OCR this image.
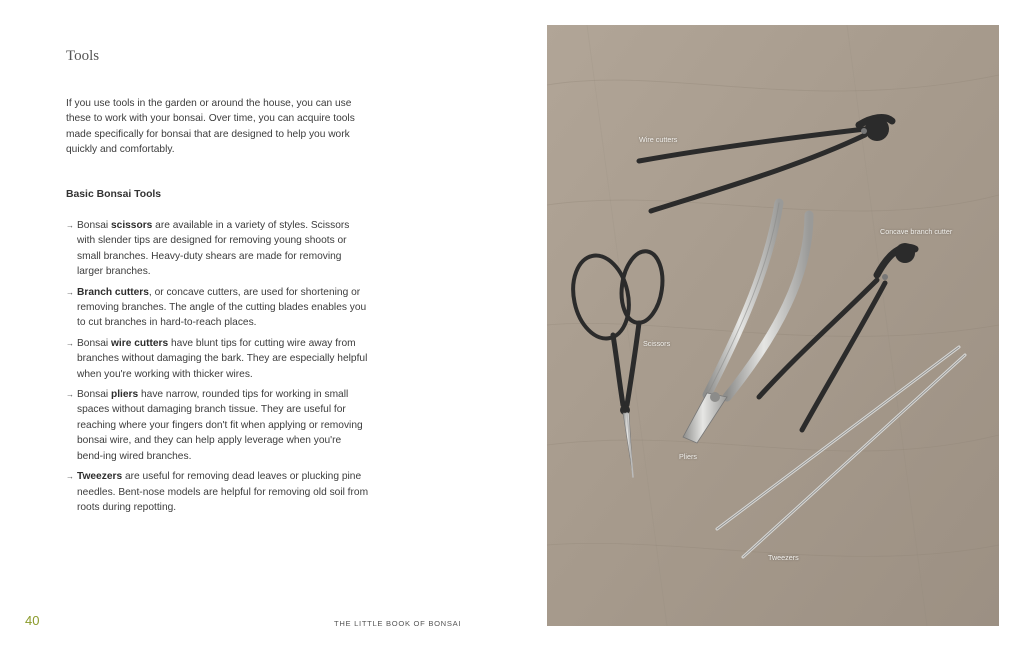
Tools

If you use tools in the garden or around the house, you can use these to work with your bonsai. Over time, you can acquire tools made specifically for bonsai that are designed to help you work quickly and comfortably.

Basic Bonsai Tools
→ Bonsai scissors are available in a variety of styles. Scissors with slender tips are designed for removing young shoots or small branches. Heavy-duty shears are made for removing larger branches.
→ Branch cutters, or concave cutters, are used for shortening or removing branches. The angle of the cutting blades enables you to cut branches in hard-to-reach places.
→ Bonsai wire cutters have blunt tips for cutting wire away from branches without damaging the bark. They are especially helpful when you're working with thicker wires.
→ Bonsai pliers have narrow, rounded tips for working in small spaces without damaging branch tissue. They are useful for reaching where your fingers don't fit when applying or removing bonsai wire, and they can help apply leverage when you're bend-ing wired branches.
→ Tweezers are useful for removing dead leaves or plucking pine needles. Bent-nose models are helpful for removing old soil from roots during repotting.
40	THE LITTLE BOOK OF BONSAI
Wire cutters
Concave branch cutter
Scissors
Pliers
Tweezers
